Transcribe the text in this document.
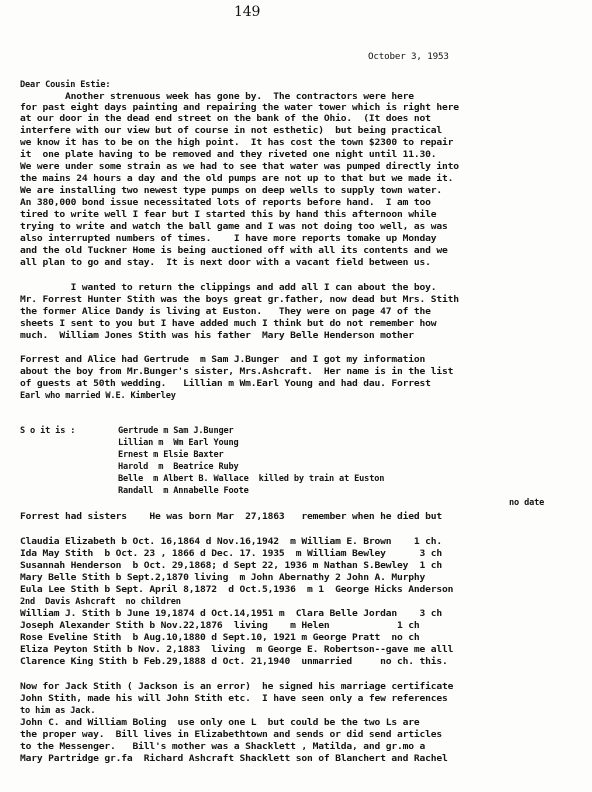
149
October 3, 1953
Dear Cousin Estie:
Another strenuous week has gone by.  The contractors were here
for past eight days painting and repairing the water tower which is right here
at our door in the dead end street on the bank of the Ohio.  (It does not
interfere with our view but of course in not esthetic)  but being practical
we know it has to be on the high point.  It has cost the town $2300 to repair
it  one plate having to be removed and they riveted one night until 11.30.
We were under some strain as we had to see that water was pumped directly into
the mains 24 hours a day and the old pumps are not up to that but we made it.
We are installing two newest type pumps on deep wells to supply town water.
An 380,000 bond issue necessitated lots of reports before hand.  I am too
tired to write well I fear but I started this by hand this afternoon while
trying to write and watch the ball game and I was not doing too well, as was
also interrupted numbers of times.    I have more reports tomake up Monday
and the old Tuckner Home is being auctioned off with all its contents and we
all plan to go and stay.  It is next door with a vacant field between us.
I wanted to return the clippings and add all I can about the boy.
Mr. Forrest Hunter Stith was the boys great gr.father, now dead but Mrs. Stith
the former Alice Dandy is living at Euston.   They were on page 47 of the
sheets I sent to you but I have added much I think but do not remember how
much.  William Jones Stith was his father  Mary Belle Henderson mother
Forrest and Alice had Gertrude  m Sam J.Bunger  and I got my information
about the boy from Mr.Bunger's sister, Mrs.Ashcraft.  Her name is in the list
of guests at 50th wedding.   Lillian m Wm.Earl Young and had dau. Forrest
Earl who married W.E. Kimberley
S o it is :	Gertrude m Sam J.Bunger
Lillian m  Wm Earl Young
Ernest m Elsie Baxter
Harold  m  Beatrice Ruby
Belle  m Albert B. Wallace  killed by train at Euston
Randall  m Annabelle Foote
no date
Forrest had sisters    He was born Mar  27,1863   remember when he died but
Claudia Elizabeth b Oct. 16,1864 d Nov.16,1942  m William E. Brown    1 ch.
Ida May Stith  b Oct. 23 , 1866 d Dec. 17. 1935  m William Bewley      3 ch
Susannah Henderson  b Oct. 29,1868; d Sept 22, 1936 m Nathan S.Bewley  1 ch
Mary Belle Stith b Sept.2,1870 living  m John Abernathy 2 John A. Murphy
Eula Lee Stith b Sept. April 8,1872  d Oct.5,1936  m 1  George Hicks Anderson
2nd  Davis Ashcraft  no children
William J. Stith b June 19,1874 d Oct.14,1951 m  Clara Belle Jordan    3 ch
Joseph Alexander Stith b Nov.22,1876  living    m Helen            1 ch
Rose Eveline Stith  b Aug.10,1880 d Sept.10, 1921 m George Pratt  no ch
Eliza Peyton Stith b Nov. 2,1883  living  m George E. Robertson--gave me alll
Clarence King Stith b Feb.29,1888 d Oct. 21,1940  unmarried     no ch. this.
Now for Jack Stith ( Jackson is an error)  he signed his marriage certificate
John Stith, made his will John Stith etc.  I have seen only a few references
to him as Jack.
John C. and William Boling  use only one L  but could be the two Ls are
the proper way.  Bill lives in Elizabethtown and sends or did send articles
to the Messenger.   Bill's mother was a Shacklett , Matilda, and gr.mo a
Mary Partridge gr.fa  Richard Ashcraft Shacklett son of Blanchert and Rachel
